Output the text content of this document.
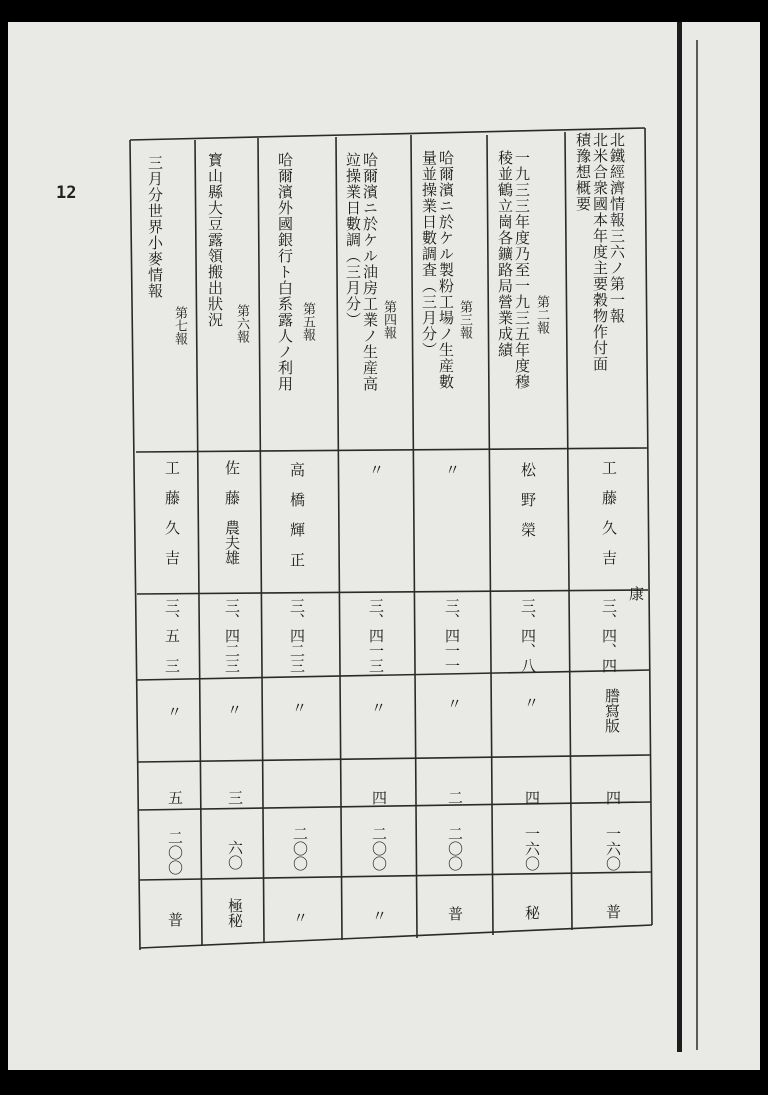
12	北鐵經濟情報三六ノ第一報
北米合衆國本年度主要穀物作付面
積豫想概要
工　藤　久　吉
三、四、四
康
謄寫版
四
一六〇
普
第二報
一九三三年度乃至一九三五年度穆
稜並鶴立崗各鑛路局營業成績
松　野　榮
三、四、八
〃
四
一六〇
秘
第三報
哈爾濱ニ於ケル製粉工場ノ生産數
量並操業日數調査（三月分）
〃
三、四一一
〃
二
二〇〇
普
第四報
哈爾濱ニ於ケル油房工業ノ生産高
竝操業日數調（三月分）
〃
三、四一三
〃
四
二〇〇
〃
第五報
哈爾濱外國銀行ト白系露人ノ利用
高　橋　輝　正
三、四二三
〃
二〇〇
〃
第六報
寳山縣大豆露領搬出狀況
佐　藤　農夫雄
三、四二三
〃
三
六〇
極秘
第七報
三月分世界小麥情報
工　藤　久　吉
三、五　三
〃
五
二〇〇
普
